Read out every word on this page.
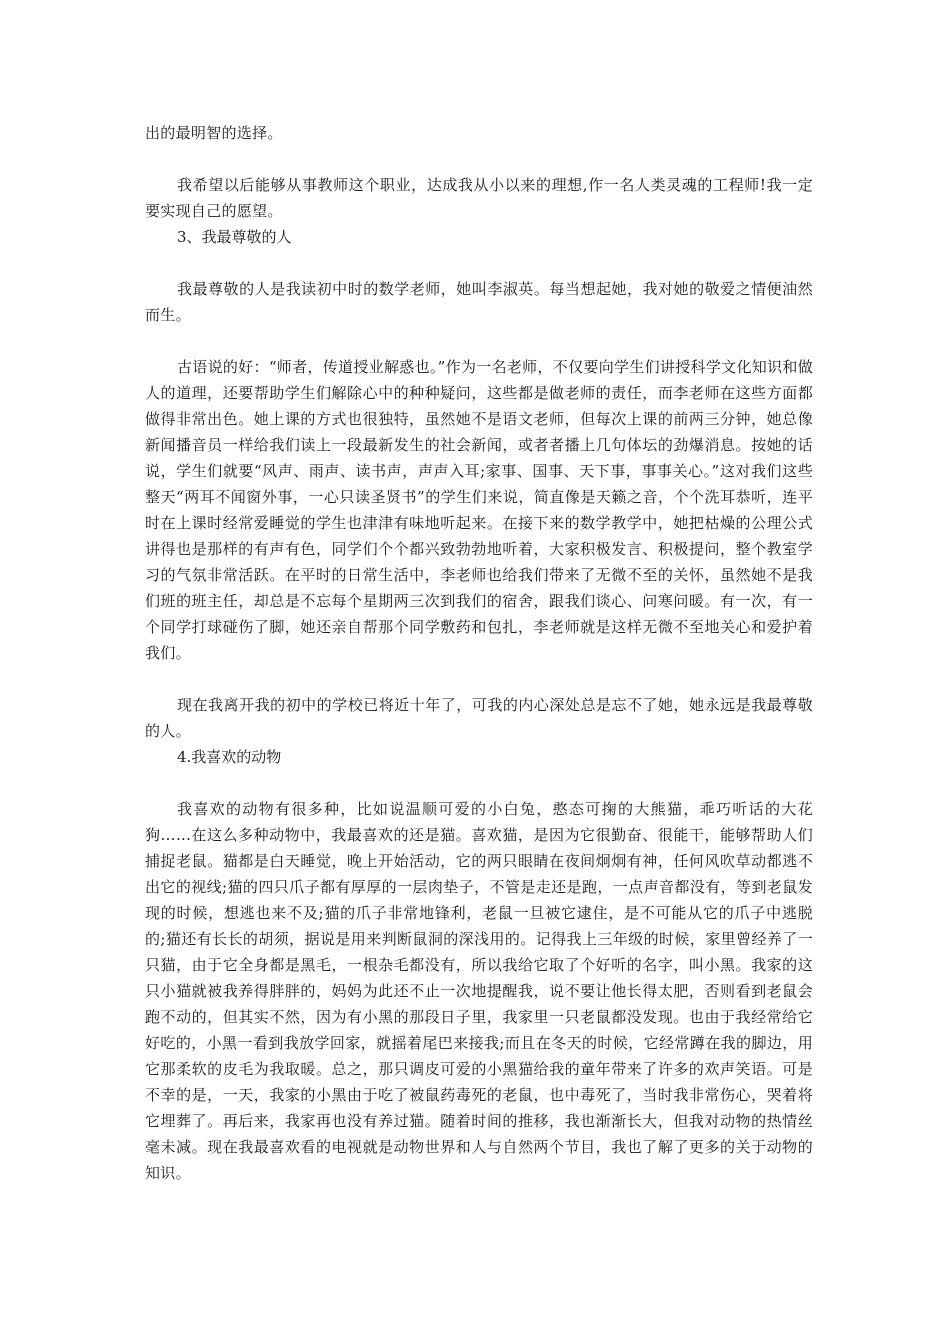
出的最明智的选择。

我希望以后能够从事教师这个职业，达成我从小以来的理想,作一名人类灵魂的工程师!我一定要实现自己的愿望。

3、我最尊敬的人

我最尊敬的人是我读初中时的数学老师，她叫李淑英。每当想起她，我对她的敬爱之情便油然而生。

古语说的好：“师者，传道授业解惑也。”作为一名老师，不仅要向学生们讲授科学文化知识和做人的道理，还要帮助学生们解除心中的种种疑问，这些都是做老师的责任，而李老师在这些方面都做得非常出色。她上课的方式也很独特，虽然她不是语文老师，但每次上课的前两三分钟，她总像新闻播音员一样给我们读上一段最新发生的社会新闻，或者者播上几句体坛的劲爆消息。按她的话说，学生们就要“风声、雨声、读书声，声声入耳;家事、国事、天下事，事事关心。”这对我们这些整天“两耳不闻窗外事，一心只读圣贤书”的学生们来说，简直像是天籁之音，个个洗耳恭听，连平时在上课时经常爱睡觉的学生也津津有味地听起来。在接下来的数学教学中，她把枯燥的公理公式讲得也是那样的有声有色，同学们个个都兴致勃勃地听着，大家积极发言、积极提问，整个教室学习的气氛非常活跃。在平时的日常生活中，李老师也给我们带来了无微不至的关怀，虽然她不是我们班的班主任，却总是不忘每个星期两三次到我们的宿舍，跟我们谈心、问寒问暖。有一次，有一个同学打球碰伤了脚，她还亲自帮那个同学敷药和包扎，李老师就是这样无微不至地关心和爱护着我们。

现在我离开我的初中的学校已将近十年了，可我的内心深处总是忘不了她，她永远是我最尊敬的人。

4.我喜欢的动物

我喜欢的动物有很多种，比如说温顺可爱的小白兔，憨态可掬的大熊猫，乖巧听话的大花狗……在这么多种动物中，我最喜欢的还是猫。喜欢猫，是因为它很勤奋、很能干，能够帮助人们捕捉老鼠。猫都是白天睡觉，晚上开始活动，它的两只眼睛在夜间炯炯有神，任何风吹草动都逃不出它的视线;猫的四只爪子都有厚厚的一层肉垫子，不管是走还是跑，一点声音都没有，等到老鼠发现的时候，想逃也来不及;猫的爪子非常地锋利，老鼠一旦被它逮住，是不可能从它的爪子中逃脱的;猫还有长长的胡须，据说是用来判断鼠洞的深浅用的。记得我上三年级的时候，家里曾经养了一只猫，由于它全身都是黑毛，一根杂毛都没有，所以我给它取了个好听的名字，叫小黑。我家的这只小猫就被我养得胖胖的，妈妈为此还不止一次地提醒我，说不要让他长得太肥，否则看到老鼠会跑不动的，但其实不然，因为有小黑的那段日子里，我家里一只老鼠都没发现。也由于我经常给它好吃的，小黑一看到我放学回家，就摇着尾巴来接我;而且在冬天的时候，它经常蹲在我的脚边，用它那柔软的皮毛为我取暖。总之，那只调皮可爱的小黑猫给我的童年带来了许多的欢声笑语。可是不幸的是，一天，我家的小黑由于吃了被鼠药毒死的老鼠，也中毒死了，当时我非常伤心，哭着将它埋葬了。再后来，我家再也没有养过猫。随着时间的推移，我也渐渐长大，但我对动物的热情丝毫未减。现在我最喜欢看的电视就是动物世界和人与自然两个节目，我也了解了更多的关于动物的知识。
